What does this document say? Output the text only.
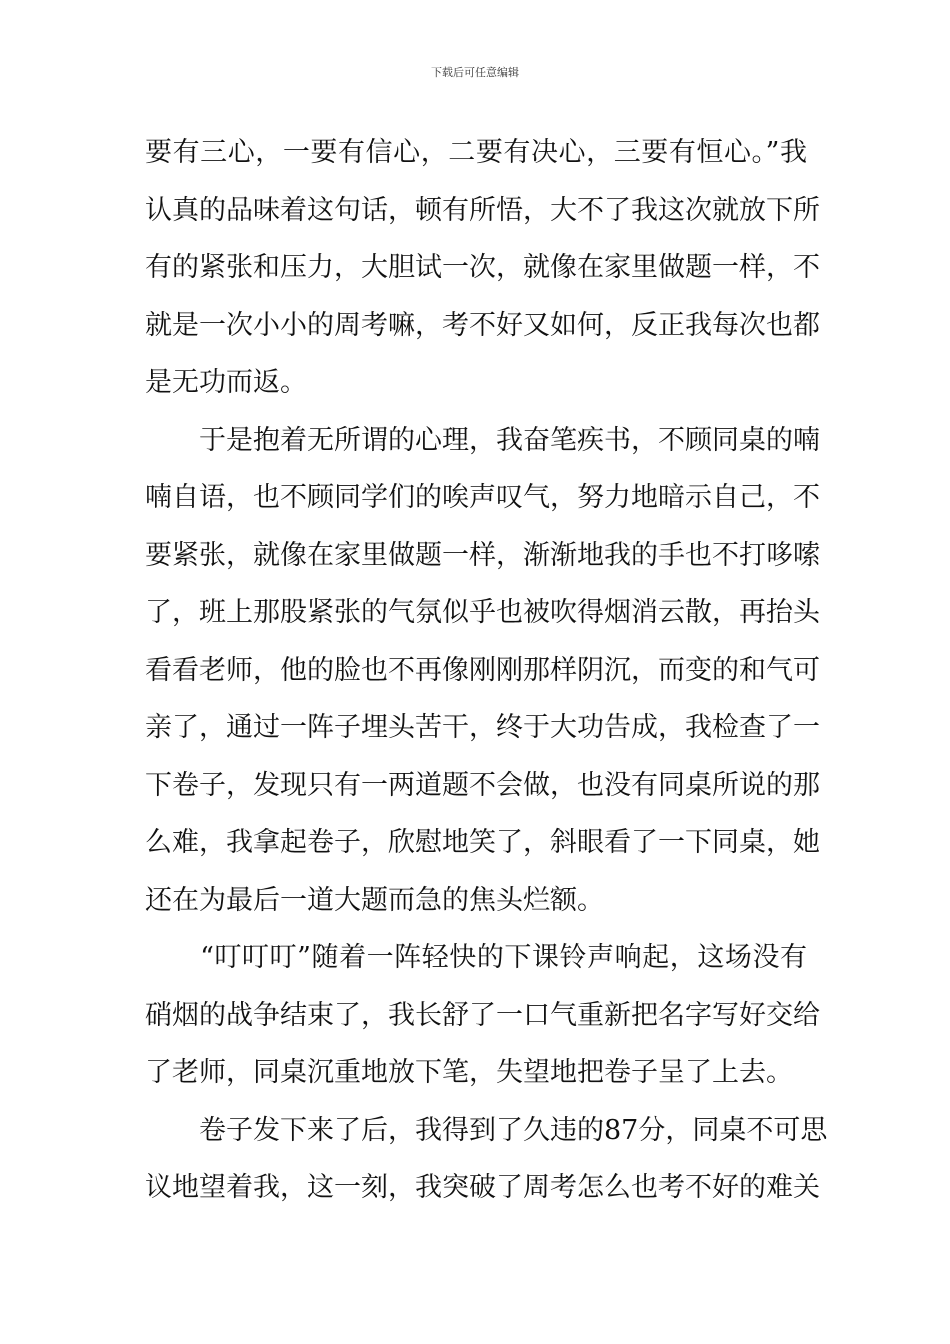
下载后可任意编辑
要有三心，一要有信心，二要有决心，三要有恒心。”我
认真的品味着这句话，顿有所悟，大不了我这次就放下所
有的紧张和压力，大胆试一次，就像在家里做题一样，不
就是一次小小的周考嘛，考不好又如何，反正我每次也都
是无功而返。
　　于是抱着无所谓的心理，我奋笔疾书，不顾同桌的喃
喃自语，也不顾同学们的唉声叹气，努力地暗示自己，不
要紧张，就像在家里做题一样，渐渐地我的手也不打哆嗦
了，班上那股紧张的气氛似乎也被吹得烟消云散，再抬头
看看老师，他的脸也不再像刚刚那样阴沉，而变的和气可
亲了，通过一阵子埋头苦干，终于大功告成，我检查了一
下卷子，发现只有一两道题不会做，也没有同桌所说的那
么难，我拿起卷子，欣慰地笑了，斜眼看了一下同桌，她
还在为最后一道大题而急的焦头烂额。
　　“叮叮叮”随着一阵轻快的下课铃声响起，这场没有
硝烟的战争结束了，我长舒了一口气重新把名字写好交给
了老师，同桌沉重地放下笔，失望地把卷子呈了上去。
　　卷子发下来了后，我得到了久违的87分，同桌不可思
议地望着我，这一刻，我突破了周考怎么也考不好的难关
